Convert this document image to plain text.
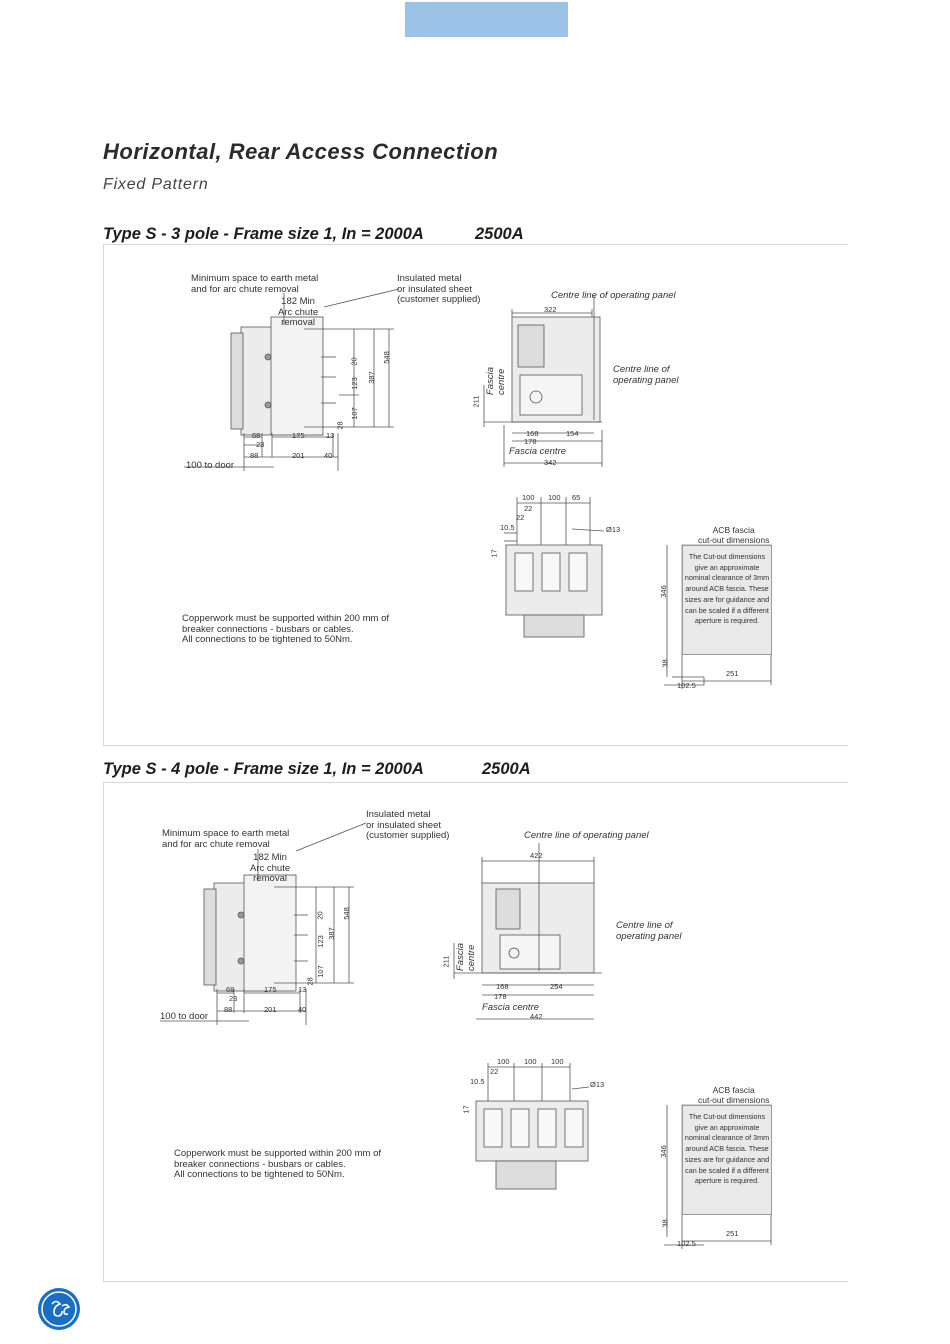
Horizontal, Rear Access Connection
Fixed Pattern
Type S - 3 pole - Frame size 1, In = 2000A	2500A
Minimum space to earth metal
and for arc chute removal
Insulated metal
or insulated sheet
(customer supplied)
182 Min
Arc chute
removal
Centre line of operating panel
Centre line of
operating panel
Fascia centre
Fascia
centre
100 to door
Copperwork must be supported within 200 mm of
breaker connections - busbars or cables.
All connections to be tightened to 50Nm.
ACB fascia
cut-out dimensions
The Cut-out dimensions give an approximate nominal clearance of 3mm around ACB fascia. These sizes are for guidance and can be scaled if a different aperture is required.
68
23
88
175	13
201	40
20
123
107
28
387
548
322
211
168
178
154
342
100 100 65
22
22
10.5	Ø13
17
346
38
102.5
251
Type S - 4 pole - Frame size 1, In = 2000A	2500A
Minimum space to earth metal
and for arc chute removal
Insulated metal
or insulated sheet
(customer supplied)
182 Min
Arc chute
removal
Centre line of operating panel
Centre line of
operating panel
Fascia centre
Fascia
centre
100 to door
Copperwork must be supported within 200 mm of
breaker connections - busbars or cables.
All connections to be tightened to 50Nm.
ACB fascia
cut-out dimensions
The Cut-out dimensions give an approximate nominal clearance of 3mm around ACB fascia. These sizes are for guidance and can be scaled if a different aperture is required.
68
23
88
175	13
201	40
20
123
107
28
387
548
422
211
168
178
254
442
100 100 100
22
10.5	Ø13
17
346
38
102.5
251
